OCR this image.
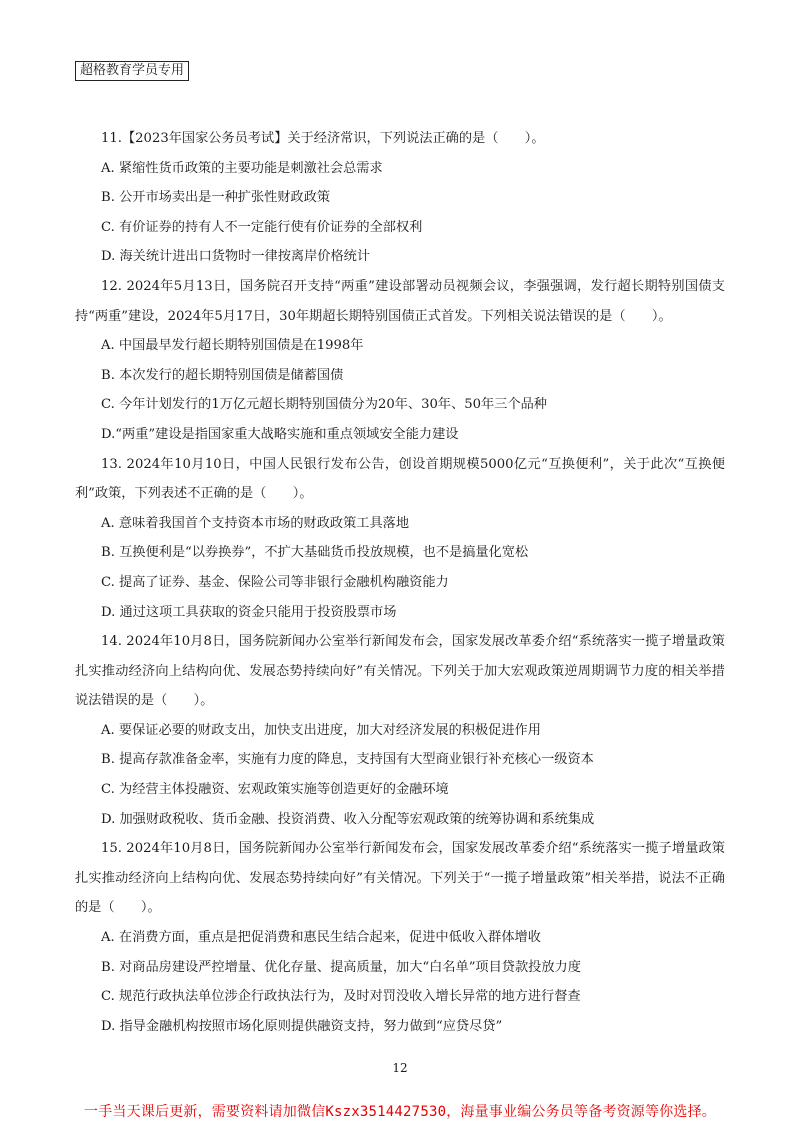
超格教育学员专用

11.【2023年国家公务员考试】关于经济常识，下列说法正确的是（　　）。

A. 紧缩性货币政策的主要功能是刺激社会总需求

B. 公开市场卖出是一种扩张性财政政策

C. 有价证券的持有人不一定能行使有价证券的全部权利

D. 海关统计进出口货物时一律按离岸价格统计

12. 2024年5月13日，国务院召开支持“两重”建设部署动员视频会议，李强强调，发行超长期特别国债支持“两重”建设，2024年5月17日，30年期超长期特别国债正式首发。下列相关说法错误的是（　　）。

A. 中国最早发行超长期特别国债是在1998年

B. 本次发行的超长期特别国债是储蓄国债

C. 今年计划发行的1万亿元超长期特别国债分为20年、30年、50年三个品种

D.“两重”建设是指国家重大战略实施和重点领域安全能力建设

13. 2024年10月10日，中国人民银行发布公告，创设首期规模5000亿元“互换便利”，关于此次“互换便利”政策，下列表述不正确的是（　　）。

A. 意味着我国首个支持资本市场的财政政策工具落地

B. 互换便利是“以券换券”，不扩大基础货币投放规模，也不是搞量化宽松

C. 提高了证券、基金、保险公司等非银行金融机构融资能力

D. 通过这项工具获取的资金只能用于投资股票市场

14. 2024年10月8日，国务院新闻办公室举行新闻发布会，国家发展改革委介绍“系统落实一揽子增量政策扎实推动经济向上结构向优、发展态势持续向好”有关情况。下列关于加大宏观政策逆周期调节力度的相关举措说法错误的是（　　）。

A. 要保证必要的财政支出，加快支出进度，加大对经济发展的积极促进作用

B. 提高存款准备金率，实施有力度的降息，支持国有大型商业银行补充核心一级资本

C. 为经营主体投融资、宏观政策实施等创造更好的金融环境

D. 加强财政税收、货币金融、投资消费、收入分配等宏观政策的统筹协调和系统集成

15. 2024年10月8日，国务院新闻办公室举行新闻发布会，国家发展改革委介绍“系统落实一揽子增量政策　扎实推动经济向上结构向优、发展态势持续向好”有关情况。下列关于“一揽子增量政策”相关举措，说法不正确的是（　　）。

A. 在消费方面，重点是把促消费和惠民生结合起来，促进中低收入群体增收

B. 对商品房建设严控增量、优化存量、提高质量，加大“白名单”项目贷款投放力度

C. 规范行政执法单位涉企行政执法行为，及时对罚没收入增长异常的地方进行督查

D. 指导金融机构按照市场化原则提供融资支持，努力做到“应贷尽贷”

12
一手当天课后更新，需要资料请加微信Kszx3514427530，海量事业编公务员等备考资源等你选择。
